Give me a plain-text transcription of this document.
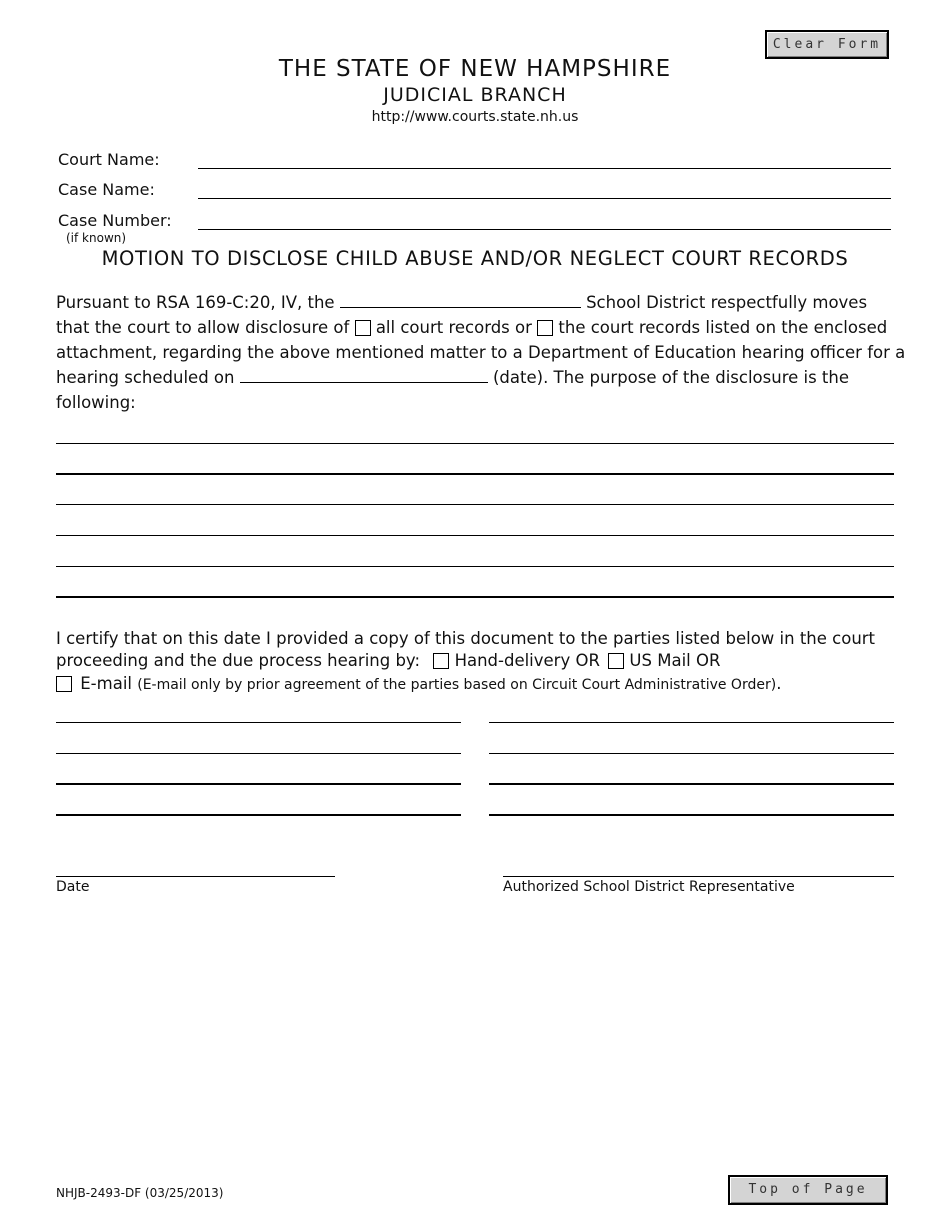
Clear Form
THE STATE OF NEW HAMPSHIRE
JUDICIAL BRANCH
http://www.courts.state.nh.us
Court Name:
Case Name:
Case Number:
(if known)
MOTION TO DISCLOSE CHILD ABUSE AND/OR NEGLECT COURT RECORDS
Pursuant to RSA 169-C:20, IV, the	School District respectfully moves
that the court to allow disclosure of all court records or the court records listed on the enclosed
attachment, regarding the above mentioned matter to a Department of Education hearing officer for a
hearing scheduled on	(date). The purpose of the disclosure is the
following:
I certify that on this date I provided a copy of this document to the parties listed below in the court
proceeding and the due process hearing by: Hand-delivery OR US Mail OR
E-mail (E-mail only by prior agreement of the parties based on Circuit Court Administrative Order).
Date	Authorized School District Representative
NHJB-2493-DF (03/25/2013)	Top of Page
